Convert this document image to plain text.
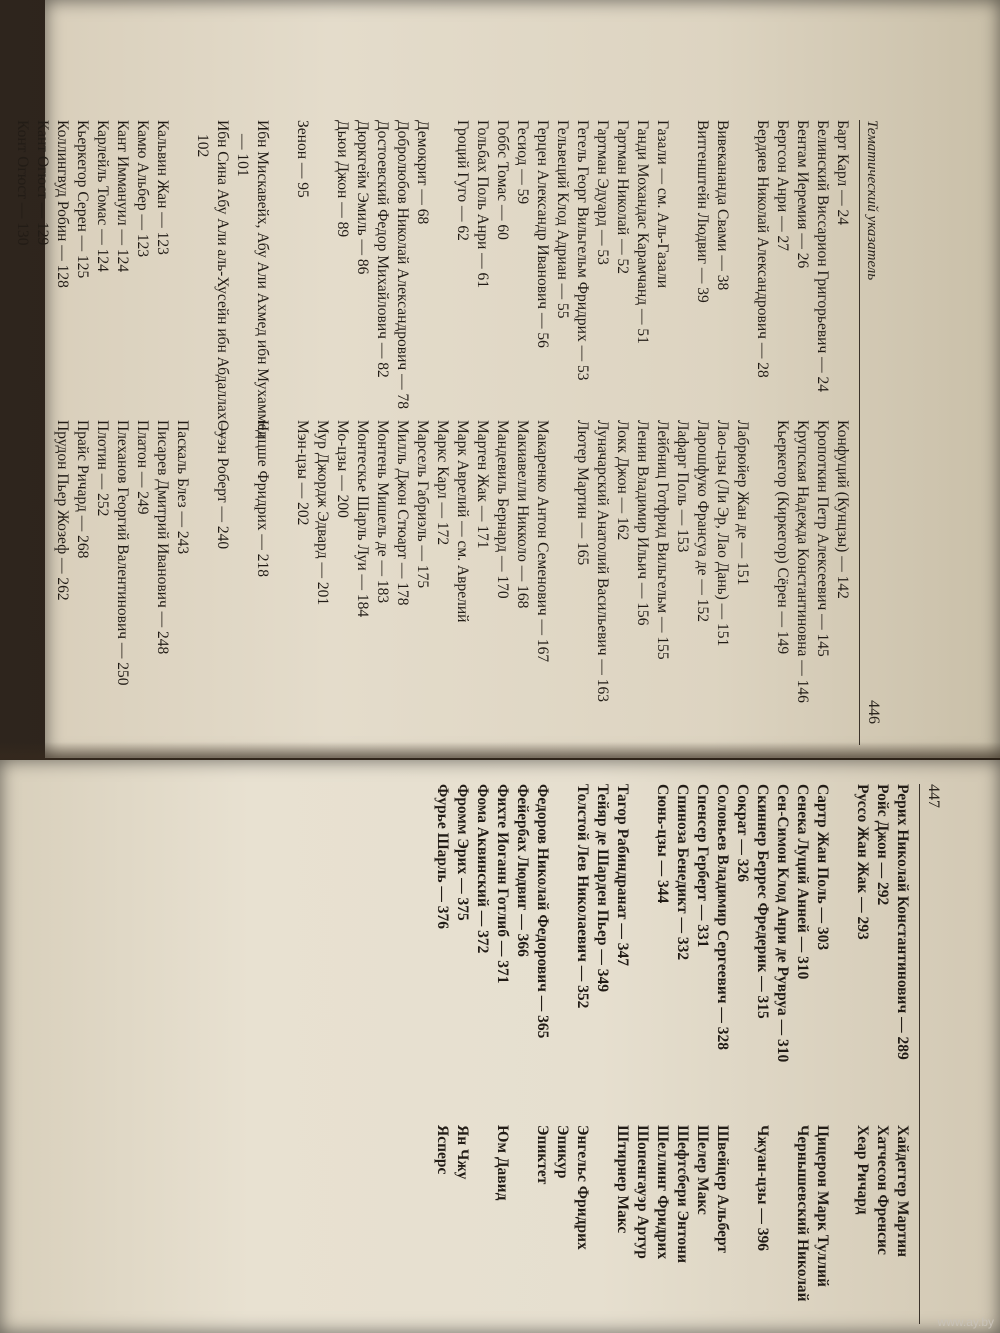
Тематический указатель
446
Барт Карл — 24
Белинский Виссарион Григорьевич — 24
Бентам Иеремия — 26
Бергсон Анри — 27
Бердяев Николай Александрович — 28
Вивекананда Свами — 38
Витгенштейн Людвиг — 39
Газали — см. Аль-Газали
Ганди Мохандас Карамчанд — 51
Гартман Николай — 52
Гартман Эдуард — 53
Гегель Георг Вильгельм Фридрих — 53
Гельвеций Клод Адриан — 55
Герцен Александр Иванович — 56
Гесиод — 59
Гоббс Томас — 60
Гольбах Поль Анри — 61
Гроций Гуго — 62
Демокрит — 68
Добролюбов Николай Александрович — 78
Достоевский Федор Михайлович — 82
Дюркгейм Эмиль — 86
Дьюи Джон — 89
Зенон — 95
Ибн Мискавейх, Абу Али Ахмед ибн Мухаммед — 101
Ибн Сина Абу Али аль-Хусейн ибн Абдаллах — 102
Кальвин Жан — 123
Камю Альбер — 123
Кант Иммануил — 124
Карлейль Томас — 124
Кьеркегор Серен — 125
Коллингвуд Робин — 128
Кант Огюст — 129
Конт Огюст — 130
Конфуций (Кунцзы) — 142
Кропоткин Петр Алексеевич — 145
Крупская Надежда Константиновна — 146
Кьеркегор (Киркегор) Сёрен — 149
Лабрюйер Жан де — 151
Лао-цзы (Ли Эр, Лао Дань) — 151
Ларошфуко Франсуа де — 152
Лафарг Поль — 153
Лейбниц Готфрид Вильгельм — 155
Ленин Владимир Ильич — 156
Локк Джон — 162
Луначарский Анатолий Васильевич — 163
Лютер Мартин — 165
Макаренко Антон Семенович — 167
Макиавелли Никколо — 168
Мандевиль Бернард — 170
Мартен Жак — 171
Марк Аврелий — см. Аврелий
Маркс Карл — 172
Марсель Габриэль — 175
Милль Джон Стюарт — 178
Монтень Мишель де — 183
Монтескье Шарль Луи — 184
Мо-цзы — 200
Мур Джордж Эдвард — 201
Мэн-цзы — 202
Ницше Фридрих — 218
Оуэн Роберт — 240
Паскаль Блез — 243
Писарев Дмитрий Иванович — 248
Платон — 249
Плеханов Георгий Валентинович — 250
Плотин — 252
Прайс Ричард — 268
Прудон Пьер Жозеф — 262
447
Рерих Николай Константинович — 289
Ройс Джон — 292
Руссо Жан Жак — 293
Сартр Жан Поль — 303
Сенека Луций Анней — 310
Сен-Симон Клод Анри де Рувруа — 310
Скиннер Беррес Фредерик — 315
Сократ — 326
Соловьев Владимир Сергеевич — 328
Спенсер Герберт — 331
Спиноза Бенедикт — 332
Сюнь-цзы — 344
Тагор Рабиндранат — 347
Тейяр де Шарден Пьер — 349
Толстой Лев Николаевич — 352
Федоров Николай Федорович — 365
Фейербах Людвиг — 366
Фихте Иоганн Готлиб — 371
Фома Аквинский — 372
Фромм Эрих — 375
Фурье Шарль — 376
Хайдеггер Мартин
Хатчесон Френсис
Хеар Ричард
Цицерон Марк Туллий
Чернышевский Николай
Чжуан-цзы — 396
Швейцер Альберт
Шелер Макс
Шефтсбери Энтони
Шеллинг Фридрих
Шопенгауэр Артур
Штирнер Макс
Энгельс Фридрих
Эпикур
Эпиктет
Юм Давид
Ян Чжу
Ясперс
www.ay.by
